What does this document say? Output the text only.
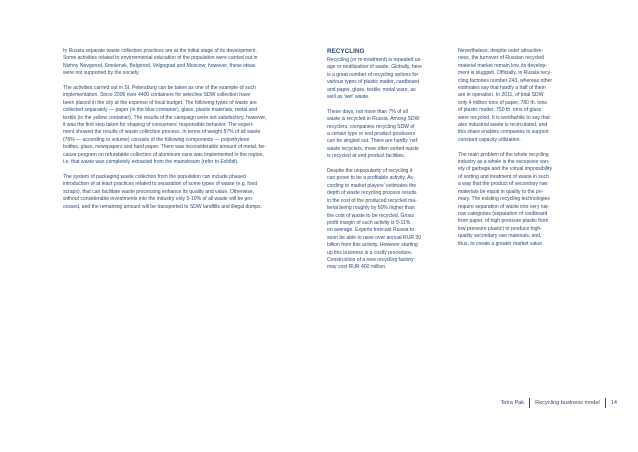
In Russia separate waste collection practices are at the initial stage of its development.
Some activities related to environmental education of the population were carried out in
Nizhny Novgorod, Smolensk, Belgorod, Volgograd and Moscow; however, these ideas
were not supported by the society.

The activities carried out in St. Petersburg can be taken as one of the example of such
implementation. Since 2006 over 4400 containers for selective SDW collection have
been placed in the city at the expense of local budget. The following types of waste are
collected separately — paper (in the blue container), glass, plastic materials, metal and
textile (in the yellow container). The results of the campaign were not satisfactory, however,
it was the first step taken for shaping of consumers' responsible behavior. The expert-
ment showed the results of waste collection process. In terms of weight 87% of all waste
(76% — according to volume) consists of the following components — polyethylene
bottles, glass, newspapers and hard paper. There was inconsiderable amount of metal, be-
cause program on refundable collection of aluminum cans was implemented in the region,
i.e. that waste was completely extracted from the mainstream (refer to Exhibit).

The system of packaging waste collection from the population can include phased
introduction of at least practices related to separation of some types of waste (e.g. food
scraps), that can facilitate waste processing enhance its quality and value. Otherwise,
without considerable investments into the industry only 5-10% of all waste will be pro-
cessed, and the remaining amount will be transported to SDW landfills and illegal dumps.

RECYCLING

Recycling (or re-treatment) is repeated us-
age or reutilization of waste. Globally, here
is a great number of recycling options for
various types of plastic matter, cardboard
and paper, glass, textile, metal ware, as
well as 'wet' waste.

These days, not more than 7% of all
waste is recycled in Russia. Among SDW
recyclers, companies recycling SDW of
a certain type or end product producers
can be singled out. There are hardly 'net'
waste recyclers, more often sorted waste
is recycled at end product facilities.

Despite the unpopularity of recycling it
can prove to be a profitable activity. Ac-
cording to market players' estimates the
depth of waste recycling process results
in the cost of the produced recycled ma-
terial being roughly by 50% higher than
the cost of waste to be recycled. Gross
profit margin of such activity is 9-11%
on average. Experts forecast Russia to
soon be able to raise over annual RUR 30
billion from this activity. However starting
up this business is a costly procedure.
Construction of a new recycling factory
may cost RUR 400 million.

Nevertheless, despite outer attractive-
ness, the turnover of Russian recycled
material market remain low, its develop-
ment is sluggish. Officially, in Russia recy-
cling factories number 243, whereas other
estimates say that hardly a half of them
are in operation. In 2011, of total SDW
only 4 million tons of paper, 780 th. tons
of plastic matter, 750 th. tons of glass
were recycled. It is worthwhile to say that
also industrial waste is recirculated, and
this share enables companies to support
constant capacity utilization.

The main problem of the whole recycling
industry as a whole is the excessive vari-
ety of garbage and the virtual impossibility
of sorting and treatment of waste in such
a way that the product of secondary raw
materials be equal in quality to the pri-
mary. The existing recycling technologies
require separation of waste into very nar-
row categories (separation of cardboard
from paper, of high pressure plastic from
low pressure plastic) to produce high-
quality secondary raw materials, and,
thus, to create a greater market value.

Tetra Pak Recycling business model 14
